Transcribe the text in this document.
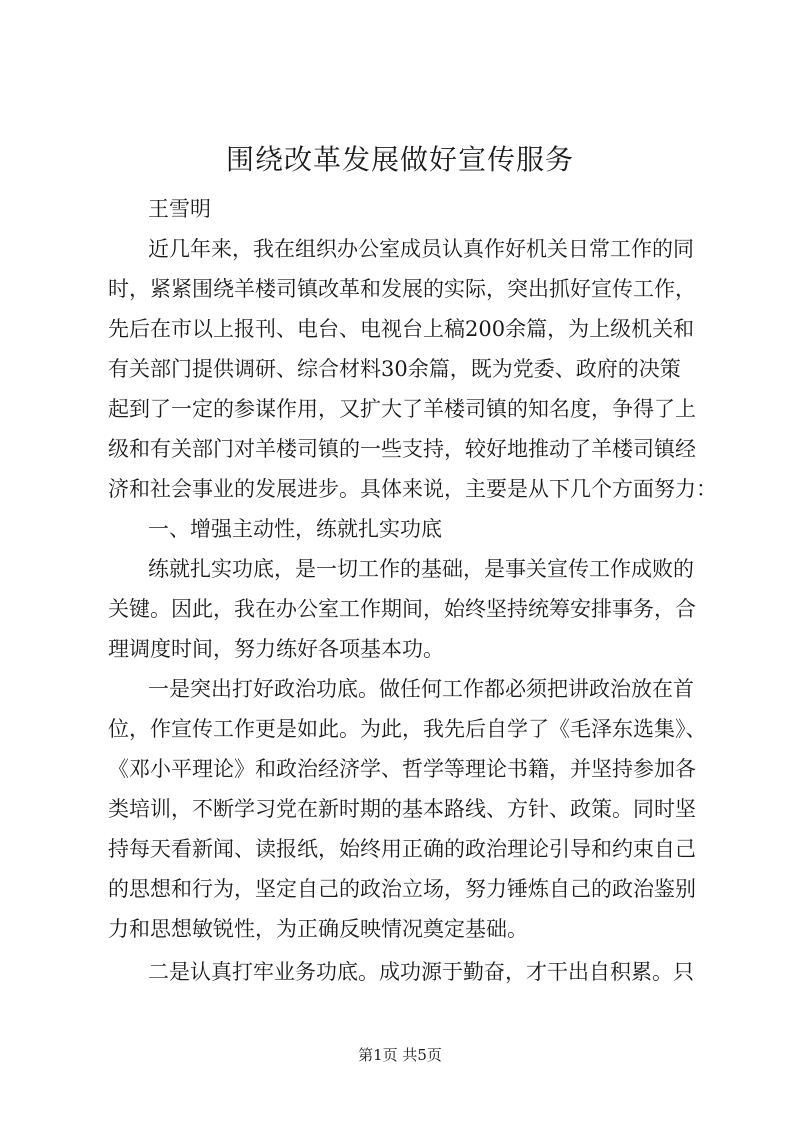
围绕改革发展做好宣传服务
王雪明
近几年来，我在组织办公室成员认真作好机关日常工作的同
时，紧紧围绕羊楼司镇改革和发展的实际，突出抓好宣传工作，
先后在市以上报刊、电台、电视台上稿200余篇，为上级机关和
有关部门提供调研、综合材料30余篇，既为党委、政府的决策
起到了一定的参谋作用，又扩大了羊楼司镇的知名度，争得了上
级和有关部门对羊楼司镇的一些支持，较好地推动了羊楼司镇经
济和社会事业的发展进步。具体来说，主要是从下几个方面努力：
一、增强主动性，练就扎实功底
练就扎实功底，是一切工作的基础，是事关宣传工作成败的
关键。因此，我在办公室工作期间，始终坚持统筹安排事务，合
理调度时间，努力练好各项基本功。
一是突出打好政治功底。做任何工作都必须把讲政治放在首
位，作宣传工作更是如此。为此，我先后自学了《毛泽东选集》、
《邓小平理论》和政治经济学、哲学等理论书籍，并坚持参加各
类培训，不断学习党在新时期的基本路线、方针、政策。同时坚
持每天看新闻、读报纸，始终用正确的政治理论引导和约束自己
的思想和行为，坚定自己的政治立场，努力锤炼自己的政治鉴别
力和思想敏锐性，为正确反映情况奠定基础。
二是认真打牢业务功底。成功源于勤奋，才干出自积累。只
第1页 共5页
